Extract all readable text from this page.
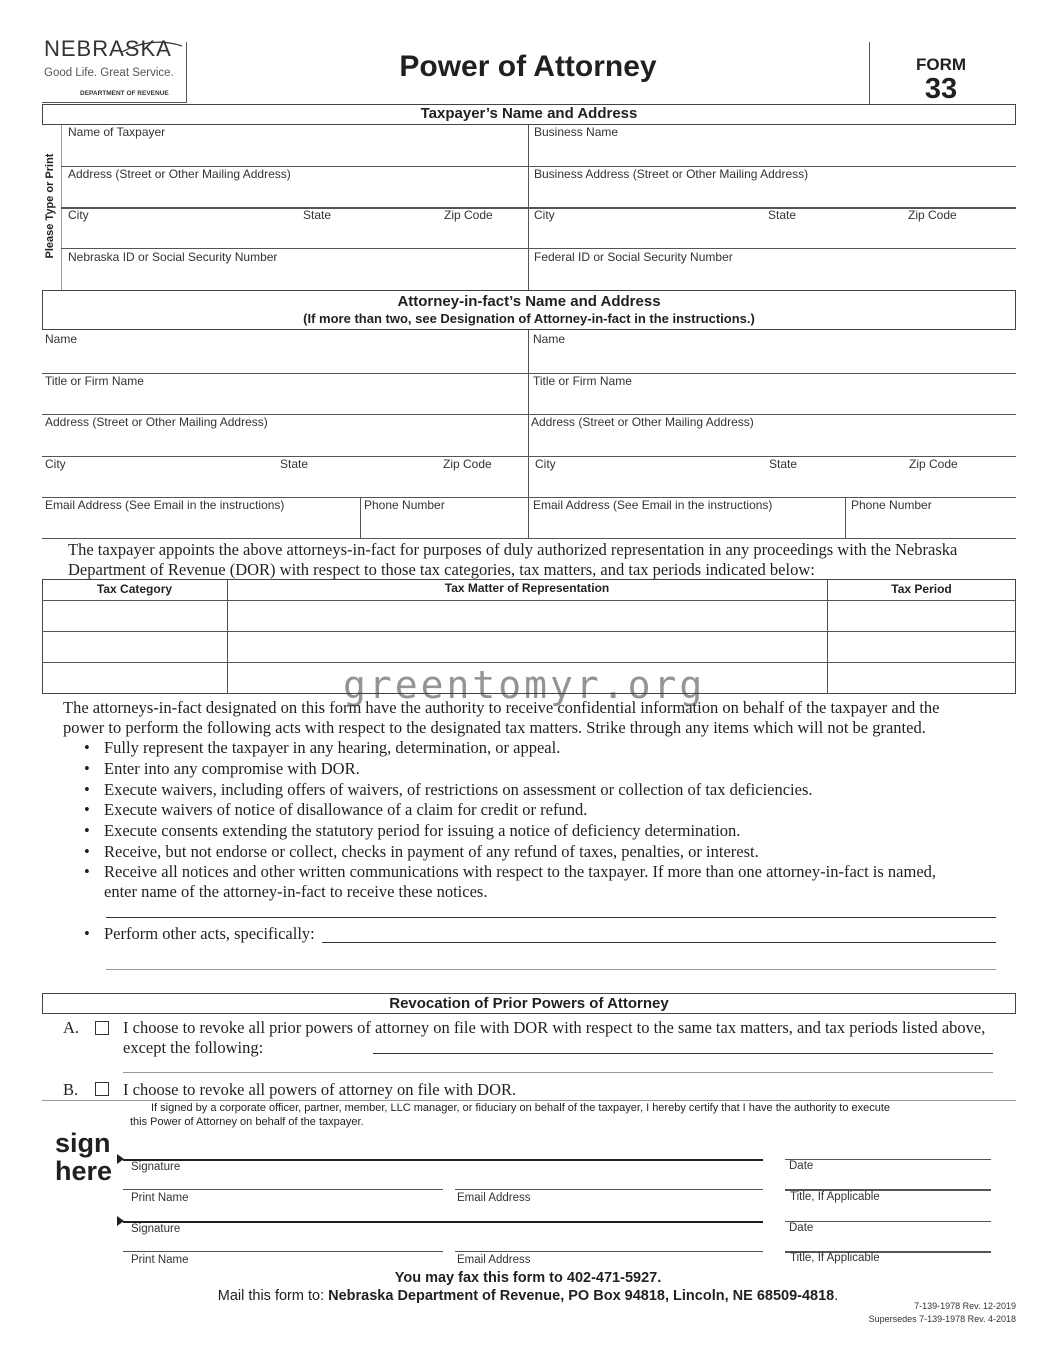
NEBRASKA
Good Life. Great Service.
DEPARTMENT OF REVENUE
Power of Attorney	FORM
33
Taxpayer’s Name and Address
Please Type or Print
Name of Taxpayer	Business Name
Address (Street or Other Mailing Address)	Business Address (Street or Other Mailing Address)
City	State	Zip Code	City	State	Zip Code
Nebraska ID or Social Security Number	Federal ID or Social Security Number
Attorney-in-fact’s Name and Address
(If more than two, see Designation of Attorney-in-fact in the instructions.)
Name	Name
Title or Firm Name	Title or Firm Name
Address (Street or Other Mailing Address)	Address (Street or Other Mailing Address)
City	State	Zip Code	City	State	Zip Code
Email Address (See Email in the instructions)	Phone Number	Email Address (See Email in the instructions)	Phone Number
The taxpayer appoints the above attorneys-in-fact for purposes of duly authorized representation in any proceedings with the Nebraska
Department of Revenue (DOR) with respect to those tax categories, tax matters, and tax periods indicated below:
Tax Category	Tax Matter of Representation	Tax Period
The attorneys-in-fact designated on this form have the authority to receive confidential information on behalf of the taxpayer and the
power to perform the following acts with respect to the designated tax matters. Strike through any items which will not be granted.
greentomyr.org
• Fully represent the taxpayer in any hearing, determination, or appeal.
• Enter into any compromise with DOR.
• Execute waivers, including offers of waivers, of restrictions on assessment or collection of tax deficiencies.
• Execute waivers of notice of disallowance of a claim for credit or refund.
• Execute consents extending the statutory period for issuing a notice of deficiency determination.
• Receive, but not endorse or collect, checks in payment of any refund of taxes, penalties, or interest.
• Receive all notices and other written communications with respect to the taxpayer. If more than one attorney-in-fact is named,
enter name of the attorney-in-fact to receive these notices.
• Perform other acts, specifically:
Revocation of Prior Powers of Attorney
A.	I choose to revoke all prior powers of attorney on file with DOR with respect to the same tax matters, and tax periods listed above,
except the following:
B.	I choose to revoke all powers of attorney on file with DOR.
If signed by a corporate officer, partner, member, LLC manager, or fiduciary on behalf of the taxpayer, I hereby certify that I have the authority to execute
this Power of Attorney on behalf of the taxpayer.
sign
here Signature	Date
Print Name	Email Address	Title, If Applicable
Signature	Date
Print Name	Email Address	Title, If Applicable
You may fax this form to 402-471-5927.
Mail this form to: Nebraska Department of Revenue, PO Box 94818, Lincoln, NE 68509-4818.
7-139-1978 Rev. 12-2019
Supersedes 7-139-1978 Rev. 4-2018
